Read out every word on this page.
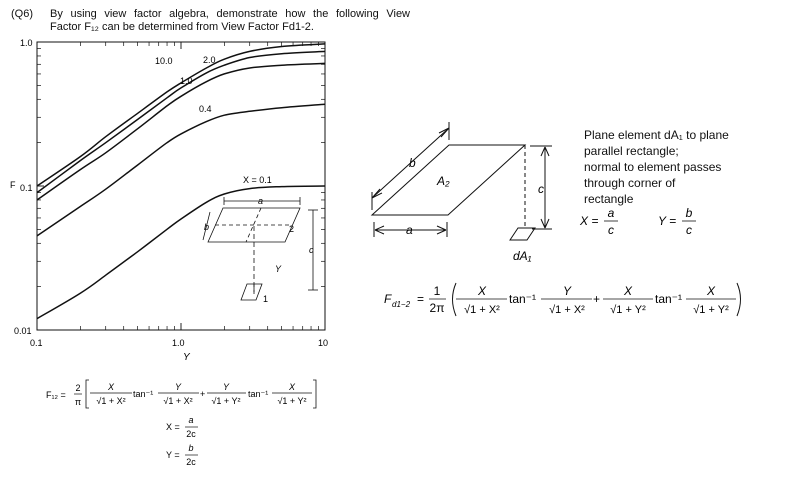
(Q6) By using view factor algebra, demonstrate how the following View
Factor F₁₂ can be determined from View Factor Fd1-2.
1.0
0.1
0.01
F
0.1	1.0	10
Y
10.0	2.0
1.0
0.4
X = 0.1
a
b
c
Y
2
1
F₁₂ =
2
π
X
√1 + X²
tan⁻¹
Y
√1 + X²
+
Y
√1 + Y²
tan⁻¹
X
√1 + Y²
X =
a
2c
Y =
b
2c
b
A₂
c
a
dA₁
X =
a
c
Y =
b
c
F d1−2 =
1
2π
X
√1 + X²
tan⁻¹
Y
√1 + X²
+
X
√1 + Y²
tan⁻¹
X
√1 + Y²
Plane element dA₁ to plane
parallel rectangle;
normal to element passes
through corner of
rectangle
